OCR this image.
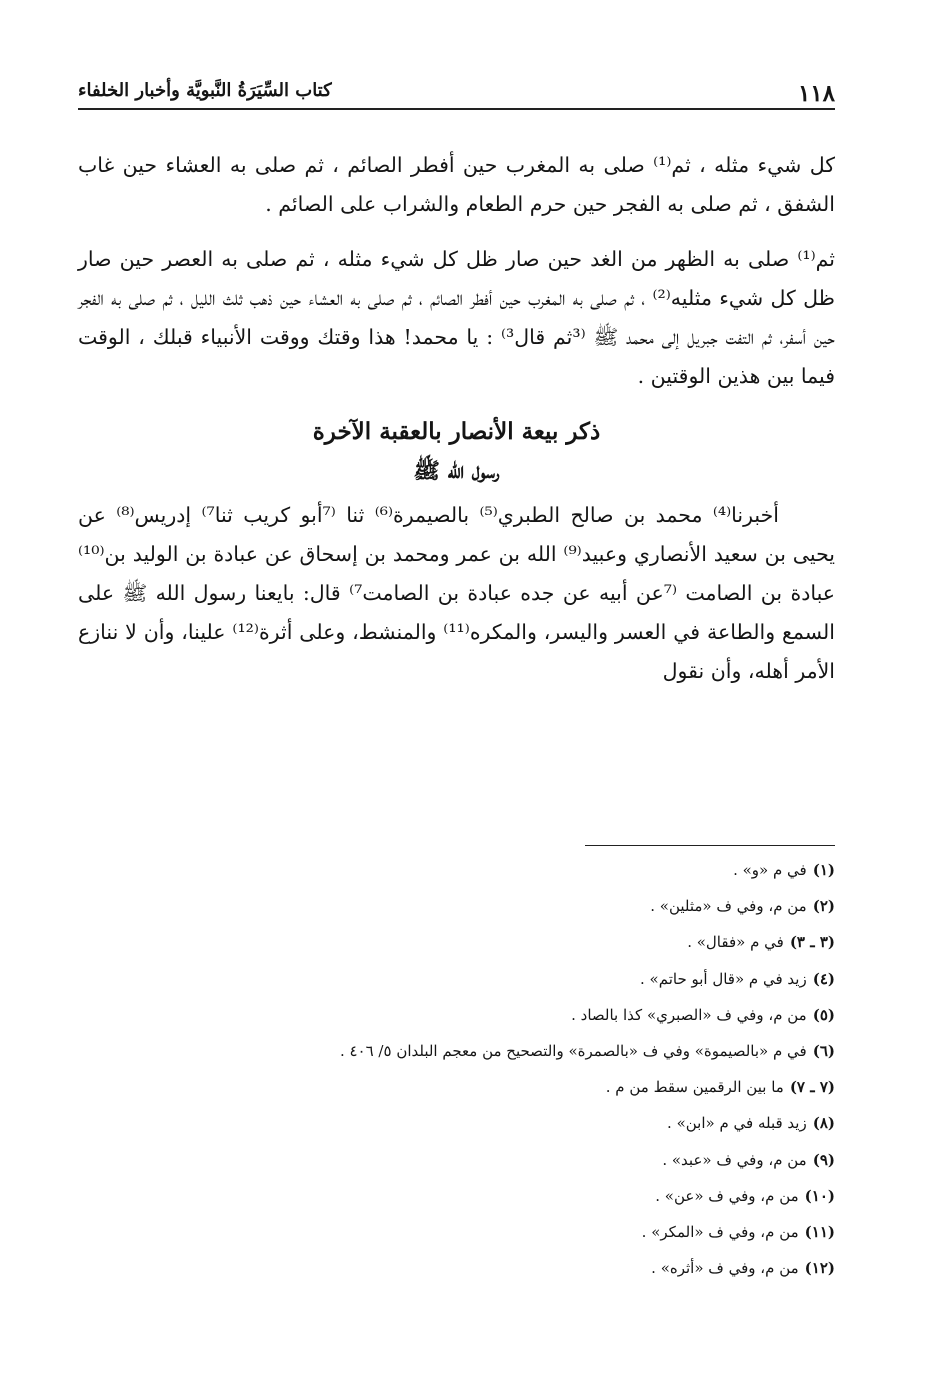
١١٨
كتاب السِّيَرَةُ النَّبويَّة وأخبار الخلفاء

كل شيء مثله ، ثم⁽¹⁾ صلى به المغرب حين أفطر الصائم ، ثم صلى به العشاء حين غاب الشفق ، ثم صلى به الفجر حين حرم الطعام والشراب على الصائم .

ثم⁽¹⁾ صلى به الظهر من الغد حين صار ظل كل شيء مثله ، ثم صلى به العصر حين صار ظل كل شيء مثليه⁽²⁾ ، ثم صلى به المغرب حين أفطر الصائم ، ثم صلى به العشاء حين ذهب ثلث الليل ، ثم صلى به الفجر حين أسفر، ثم التفت جبريل إلى محمد ﷺ ⁽³ثم قال³⁾ : يا محمد! هذا وقتك ووقت الأنبياء قبلك ، الوقت فيما بين هذين الوقتين .

ذكر بيعة الأنصار بالعقبة الآخرة
رسول الله ﷺ

أخبرنا⁽⁴⁾ محمد بن صالح الطبري⁽⁵⁾ بالصيمرة⁽⁶⁾ ثنا ⁽⁷أبو كريب ثنا⁷⁾ إدريس⁽⁸⁾ عن يحيى بن سعيد الأنصاري وعبيد⁽⁹⁾ الله بن عمر ومحمد بن إسحاق عن عبادة بن الوليد بن⁽¹⁰⁾ عبادة بن الصامت ⁽⁷عن أبيه عن جده عبادة بن الصامت⁷⁾ قال: بايعنا رسول الله ﷺ على السمع والطاعة في العسر واليسر، والمكره⁽¹¹⁾ والمنشط، وعلى أثرة⁽¹²⁾ علينا، وأن لا ننازع الأمر أهله، وأن نقول

(١)في م «و» .
(٢)من م، وفي ف «مثلين» .
(٣ ـ ٣)في م «فقال» .
(٤)زيد في م «قال أبو حاتم» .
(٥)من م، وفي ف «الصبري» كذا بالصاد .
(٦)في م «بالصيموة» وفي ف «بالصمرة» والتصحيح من معجم البلدان ٥/ ٤٠٦ .
(٧ ـ ٧)ما بين الرقمين سقط من م .
(٨)زيد قبله في م «ابن» .
(٩)من م، وفي ف «عبد» .
(١٠)من م، وفي ف «عن» .
(١١)من م، وفي ف «المكر» .
(١٢)من م، وفي ف «أثره» .
